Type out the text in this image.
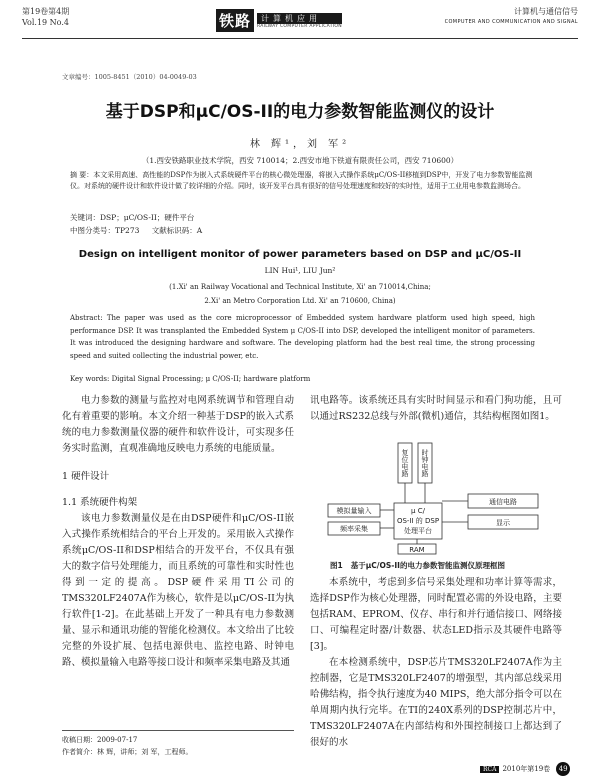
第19卷第4期
Vol.19 No.4	铁路	计算机应用
RAILWAY COMPUTER APPLICATION
计算机与通信信号
COMPUTER AND COMMUNICATION AND SIGNAL
文章编号：1005-8451（2010）04-0049-03
基于DSP和μC/OS-II的电力参数智能监测仪的设计
林 辉¹，刘 军²
（1.西安铁路职业技术学院，西安 710014；2.西安市地下铁道有限责任公司，西安 710600）
摘 要：本文采用高速、高性能的DSP作为嵌入式系统硬件平台的核心微处理器，将嵌入式操作系统μC/OS-II移植到DSP中，开发了电力参数智能监测仪。对系统的硬件设计和软件设计做了较详细的介绍。同时，该开发平台具有很好的信号处理速度和较好的实时性，适用于工业用电参数监测场合。
关键词：DSP；μC/OS-II；硬件平台
中图分类号：TP273 文献标识码：A
Design on intelligent monitor of power parameters based on DSP and μC/OS-II
LIN Hui¹, LIU Jun²
(1.Xi' an Railway Vocational and Technical Institute, Xi' an 710014,China;
2.Xi' an Metro Corporation Ltd. Xi' an 710600, China)
Abstract: The paper was used as the core microprocessor of Embedded system hardware platform used high speed, high performance DSP. It was transplanted the Embedded System μ C/OS-II into DSP, developed the intelligent monitor of parameters. It was introduced the designing hardware and software. The developing platform had the best real time, the strong processing speed and suited collecting the industrial power, etc.
Key words: Digital Signal Processing; μ C/OS-II; hardware platform
电力参数的测量与监控对电网系统调节和管理自动化有着重要的影响。本文介绍一种基于DSP的嵌入式系统的电力参数测量仪器的硬件和软件设计，可实现多任务实时监测，直观准确地反映电力系统的电能质量。
1 硬件设计
1.1 系统硬件构架
该电力参数测量仪是在由DSP硬件和μC/OS-II嵌入式操作系统相结合的平台上开发的。采用嵌入式操作系统μC/OS-II和DSP相结合的开发平台，不仅具有强大的数字信号处理能力，而且系统的可靠性和实时性也得到一定的提高。DSP硬件采用TI公司的TMS320LF2407A作为核心，软件是以μC/OS-II为执行软件[1-2]。在此基础上开发了一种具有电力参数测量、显示和通讯功能的智能化检测仪。本文给出了比较完整的外设扩展、包括电源供电、监控电路、时钟电路、模拟量输入电路等接口设计和频率采集电路及其通
讯电路等。该系统还具有实时时间显示和看门狗功能，且可以通过RS232总线与外部(微机)通信，其结构框图如图1。
复位电路 时钟电路
模拟量输入
频率采集
μ C/
OS-II 的 DSP
处理平台
通信电路
显示
RAM
图1 基于μC/OS-II的电力参数智能监测仪原理框图
本系统中，考虑到多信号采集处理和功率计算等需求，选择DSP作为核心处理器，同时配置必需的外设电路，主要包括RAM、EPROM、仪存、串行和并行通信接口、网络接口、可编程定时器/计数器、状态LED指示及其硬件电路等[3]。
在本检测系统中，DSP芯片TMS320LF2407A作为主控制器，它是TMS320LF2407的增强型，其内部总线采用哈佛结构，指令执行速度为40 MIPS，绝大部分指令可以在单周期内执行完毕。在TI的240X系列的DSP控制芯片中，TMS320LF2407A在内部结构和外围控制接口上都达到了很好的水
收稿日期：2009-07-17
作者简介：林 辉，讲师；刘 军，工程师。
RCA 2010年第19卷	49
